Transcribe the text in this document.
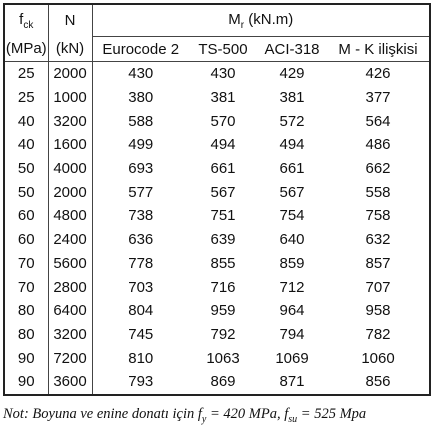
$f_{ck}$	N	$M_r$ (kN.m)			
(MPa)	(kN)	Eurocode 2	TS-500	ACI-318	M - K ilişkisi
25	2000	430	430	429	426
25	1000	380	381	381	377
40	3200	588	570	572	564
40	1600	499	494	494	486
50	4000	693	661	661	662
50	2000	577	567	567	558
60	4800	738	751	754	758
60	2400	636	639	640	632
70	5600	778	855	859	857
70	2800	703	716	712	707
80	6400	804	959	964	958
80	3200	745	792	794	782
90	7200	810	1063	1069	1060
90	3600	793	869	871	856
Not: Boyuna ve enine donatı için $f_y = 420$ MPa, $f_{su} = 525$ Mpa
